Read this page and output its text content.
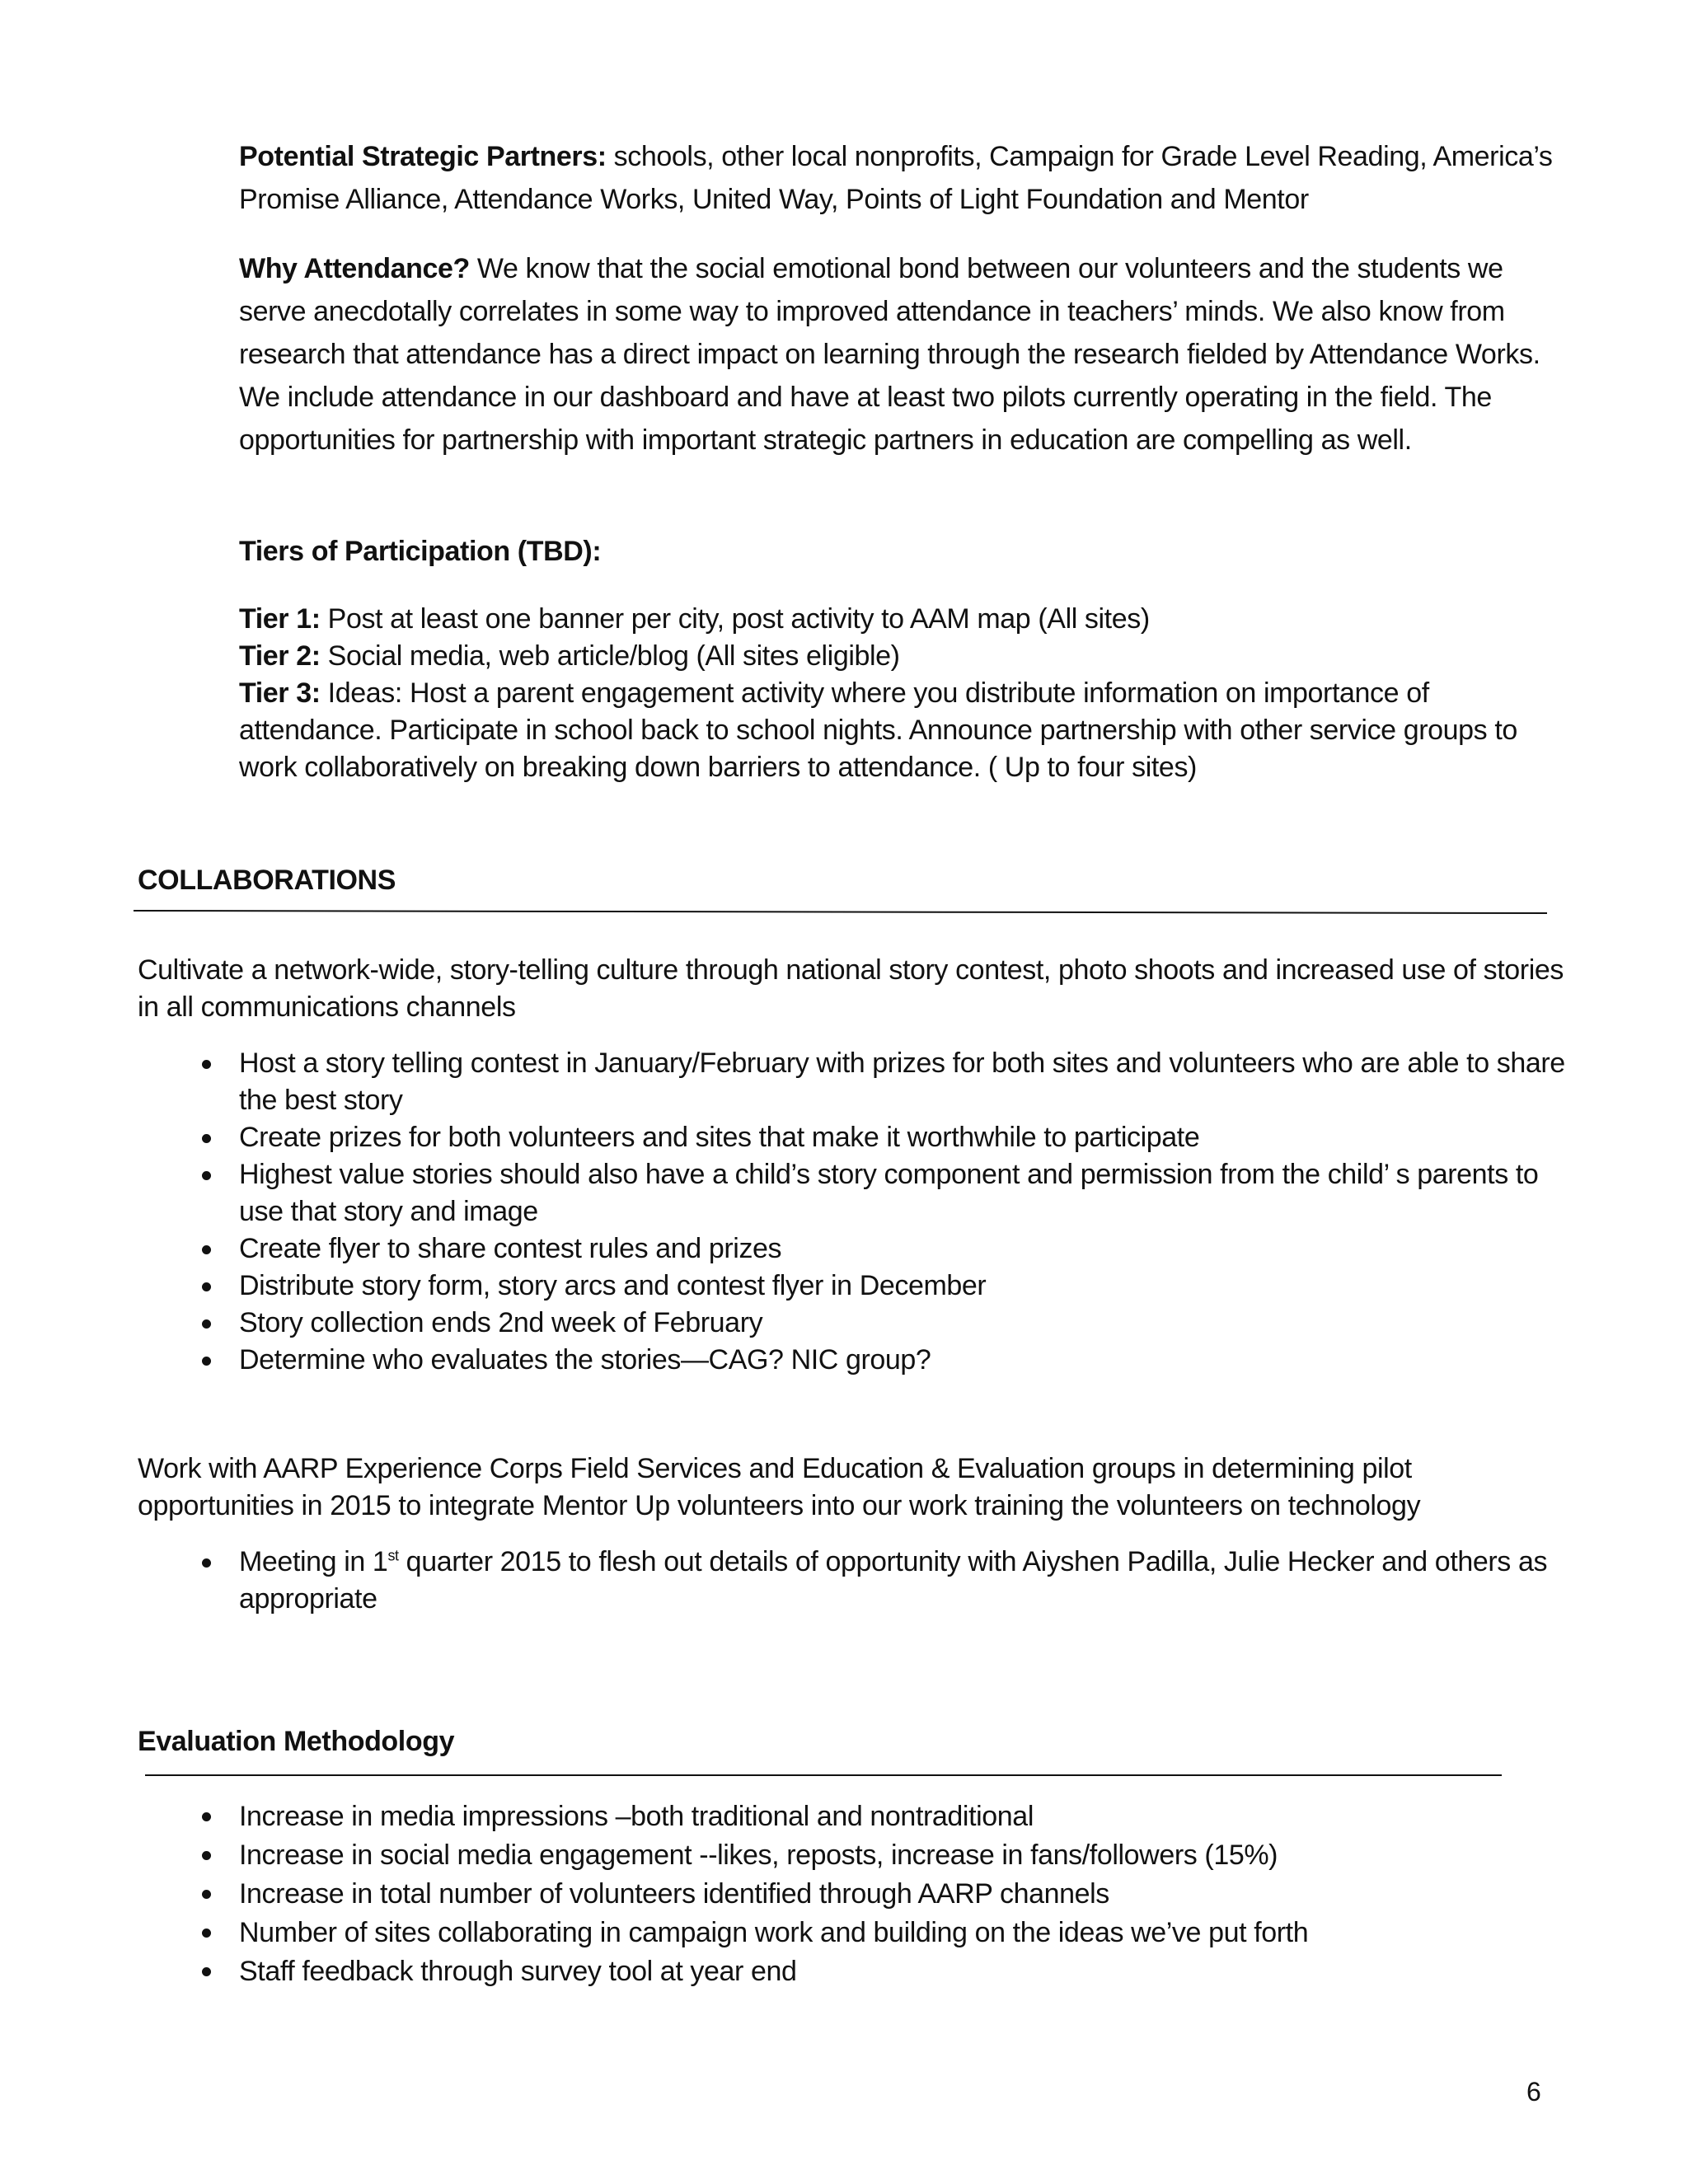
Potential Strategic Partners: schools, other local nonprofits, Campaign for Grade Level Reading, America’s Promise Alliance, Attendance Works, United Way, Points of Light Foundation and Mentor
Why Attendance? We know that the social emotional bond between our volunteers and the students we serve anecdotally correlates in some way to improved attendance in teachers’ minds. We also know from research that attendance has a direct impact on learning through the research fielded by Attendance Works. We include attendance in our dashboard and have at least two pilots currently operating in the field. The opportunities for partnership with important strategic partners in education are compelling as well.
Tiers of Participation (TBD):
Tier 1: Post at least one banner per city, post activity to AAM map (All sites)
Tier 2: Social media, web article/blog (All sites eligible)
Tier 3: Ideas: Host a parent engagement activity where you distribute information on importance of attendance. Participate in school back to school nights. Announce partnership with other service groups to work collaboratively on breaking down barriers to attendance. ( Up to four sites)
COLLABORATIONS
Cultivate a network-wide, story-telling culture through national story contest, photo shoots and increased use of stories in all communications channels
Host a story telling contest in January/February with prizes for both sites and volunteers who are able to share the best story
Create prizes for both volunteers and sites that make it worthwhile to participate
Highest value stories should also have a child’s story component and permission from the child’ s parents to use that story and image
Create flyer to share contest rules and prizes
Distribute story form, story arcs and contest flyer in December
Story collection ends 2nd week of February
Determine who evaluates the stories—CAG? NIC group?
Work with AARP Experience Corps Field Services and Education & Evaluation groups in determining pilot opportunities in 2015 to integrate Mentor Up volunteers into our work training the volunteers on technology
Meeting in 1st quarter 2015 to flesh out details of opportunity with Aiyshen Padilla, Julie Hecker and others as appropriate
Evaluation Methodology
Increase in media impressions –both traditional and nontraditional
Increase in social media engagement --likes, reposts, increase in fans/followers (15%)
Increase in total number of volunteers identified through AARP channels
Number of sites collaborating in campaign work and building on the ideas we’ve put forth
Staff feedback through survey tool at year end
6
